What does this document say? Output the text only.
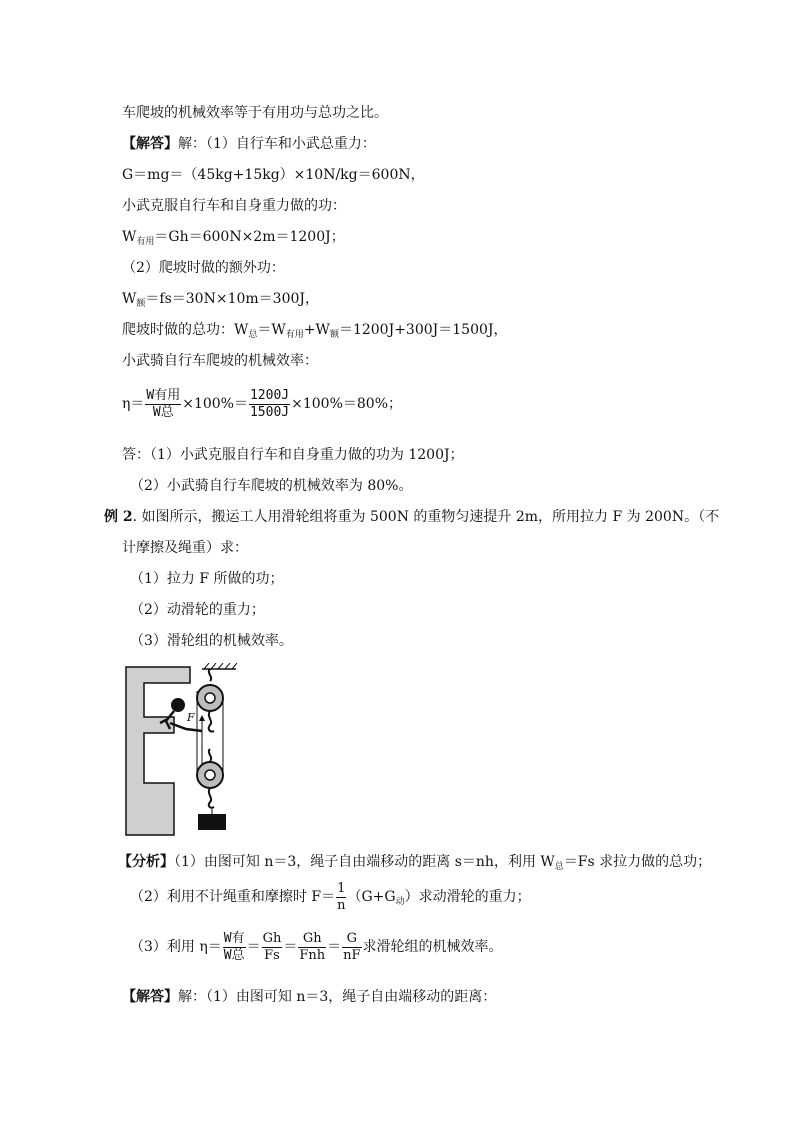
车爬坡的机械效率等于有用功与总功之比。
【解答】解：（1）自行车和小武总重力：
G＝mg＝（45kg+15kg）×10N/kg＝600N，
小武克服自行车和自身重力做的功：
$W_{有用}=Gh=600N\times 2m=1200J$；
（2）爬坡时做的额外功：
$W_额=fs=30N\times 10m=300J$，
爬坡时做的总功：$W_总=W_{有用}+W_额=1200J+300J=1500J$，
小武骑自行车爬坡的机械效率：
$\eta= \frac{\text{W有用}}{\text{W总}} \times 100\%= \frac{1200J}{1500J} \times 100\%=80\%$；
答：（1）小武克服自行车和自身重力做的功为 1200J；
（2）小武骑自行车爬坡的机械效率为 80%。
例 2. 如图所示，搬运工人用滑轮组将重为 500N 的重物匀速提升 2m，所用拉力 F 为 200N。（不
计摩擦及绳重）求：
（1）拉力 F 所做的功；
（2）动滑轮的重力；
（3）滑轮组的机械效率。
F
【分析】（1）由图可知 n＝3，绳子自由端移动的距离 s＝nh，利用 $W_总=Fs$ 求拉力做的总功；
（2）利用不计绳重和摩擦时 $F= \frac{1}{n} (G+G_动)$求动滑轮的重力；
（3）利用 $\eta= \frac{\text{W有}}{\text{W总}} = \frac{Gh}{Fs} = \frac{Gh}{\text{Fnh}} = \frac{G}{nF}$ 求滑轮组的机械效率。
【解答】解：（1）由图可知 n＝3，绳子自由端移动的距离：
